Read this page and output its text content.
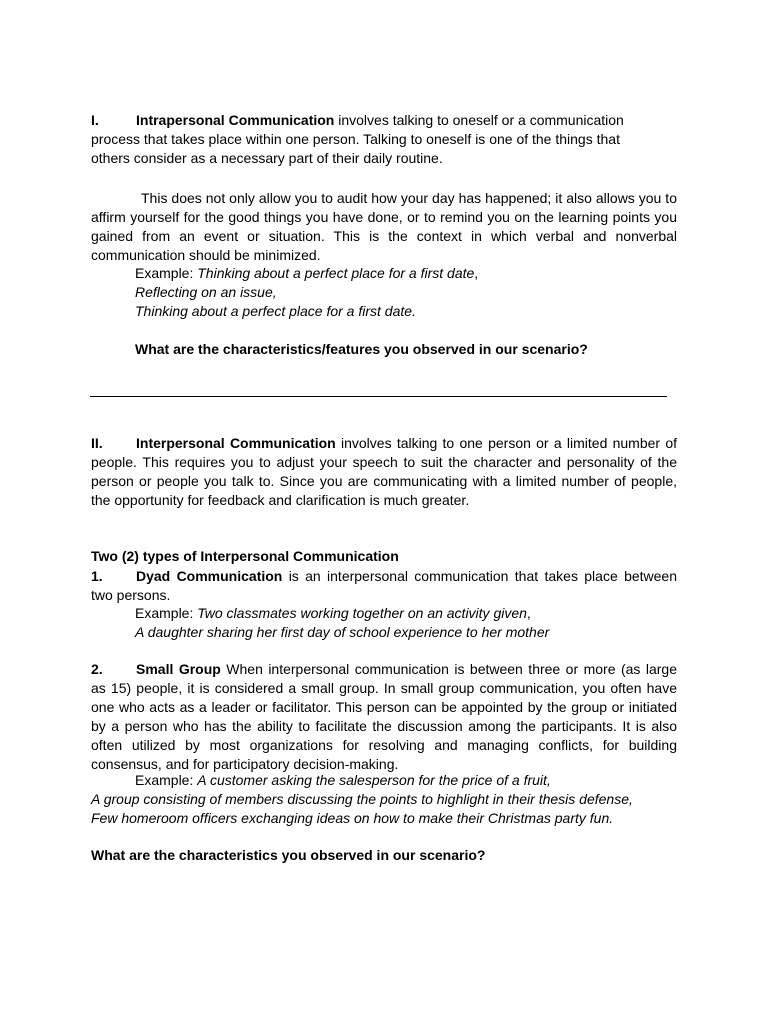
I.	Intrapersonal Communication involves talking to oneself or a communication
process that takes place within one person. Talking to oneself is one of the things that
others consider as a necessary part of their daily routine.
This does not only allow you to audit how your day has happened; it also allows you to affirm yourself for the good things you have done, or to remind you on the learning points you gained from an event or situation. This is the context in which verbal and nonverbal communication should be minimized.
Example: Thinking about a perfect place for a first date,
Reflecting on an issue,
Thinking about a perfect place for a first date.
What are the characteristics/features you observed in our scenario?
II. Interpersonal Communication involves talking to one person or a limited number of people. This requires you to adjust your speech to suit the character and personality of the person or people you talk to. Since you are communicating with a limited number of people, the opportunity for feedback and clarification is much greater.
Two (2) types of Interpersonal Communication
1. Dyad Communication is an interpersonal communication that takes place between two persons.
Example: Two classmates working together on an activity given,
A daughter sharing her first day of school experience to her mother
2. Small Group When interpersonal communication is between three or more (as large as 15) people, it is considered a small group. In small group communication, you often have one who acts as a leader or facilitator. This person can be appointed by the group or initiated by a person who has the ability to facilitate the discussion among the participants. It is also often utilized by most organizations for resolving and managing conflicts, for building consensus, and for participatory decision-making.
Example: A customer asking the salesperson for the price of a fruit,
A group consisting of members discussing the points to highlight in their thesis defense,
Few homeroom officers exchanging ideas on how to make their Christmas party fun.
What are the characteristics you observed in our scenario?
